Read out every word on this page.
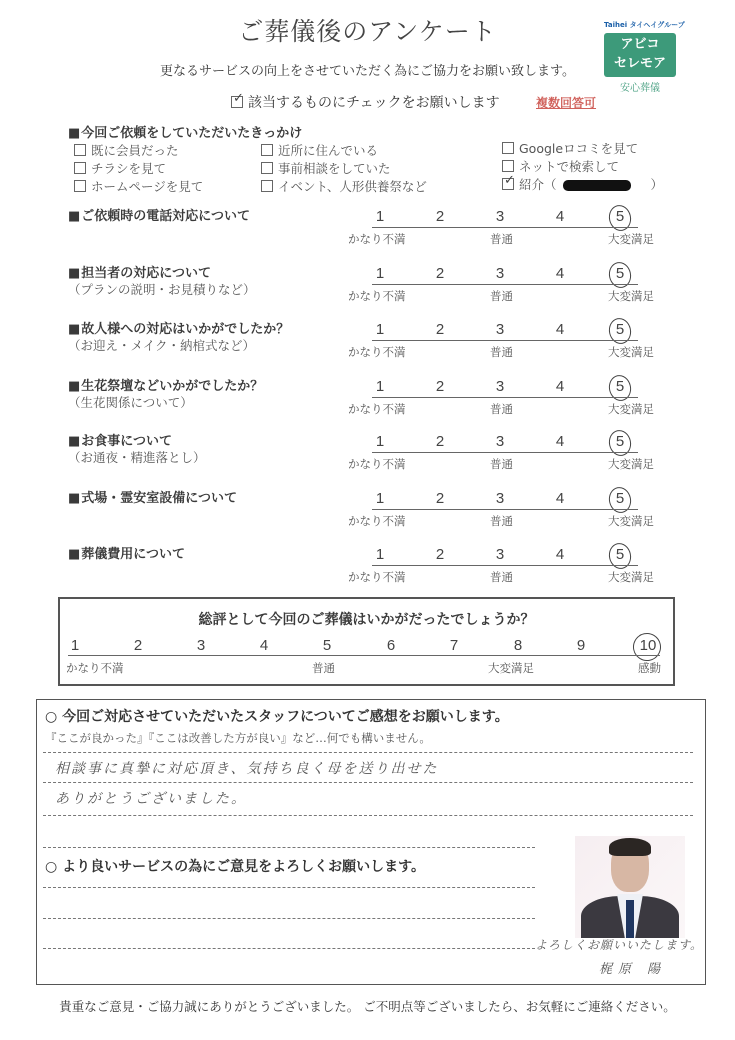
ご葬儀後のアンケート
更なるサービスの向上をさせていただく為にご協力をお願い致します。
✓該当するものにチェックをお願いします	複数回答可
Taihei タイヘイグループ
アビコ
セレモア
安心葬儀
■ 今回ご依頼をしていただいたきっかけ
既に会員だった
チラシを見て
ホームページを見て
近所に住んでいる
事前相談をしていた
イベント、人形供養祭など
Googleロコミを見て
ネットで検索して
✓紹介（	）
■ ご依頼時の電話対応について	1	2	3	4	5
かなり不満	普通	大変満足
■ 担当者の対応について
（プランの説明・お見積りなど）
1	2	3	4	5
かなり不満	普通	大変満足
■ 故人様への対応はいかがでしたか？
（お迎え・メイク・納棺式など）
1	2	3	4	5
かなり不満	普通	大変満足
■ 生花祭壇などいかがでしたか？
（生花関係について）
1	2	3	4	5
かなり不満	普通	大変満足
■ お食事について
（お通夜・精進落とし）
1	2	3	4	5
かなり不満	普通	大変満足
■ 式場・霊安室設備について	1	2	3	4	5
かなり不満	普通	大変満足
■ 葬儀費用について	1	2	3	4	5
かなり不満	普通	大変満足
総評として今回のご葬儀はいかがだったでしょうか？
1	2	3	4	5	6	7	8	9	10
かなり不満	普通	大変満足	感動
○ 今回ご対応させていただいたスタッフについてご感想をお願いします。
『ここが良かった』『ここは改善した方が良い』など…何でも構いません。
相談事に真摯に対応頂き、気持ち良く母を送り出せた
ありがとうございました。
○ より良いサービスの為にご意見をよろしくお願いします。
よろしくお願いいたします。
梶原 陽
貴重なご意見・ご協力誠にありがとうございました。 ご不明点等ございましたら、お気軽にご連絡ください。
